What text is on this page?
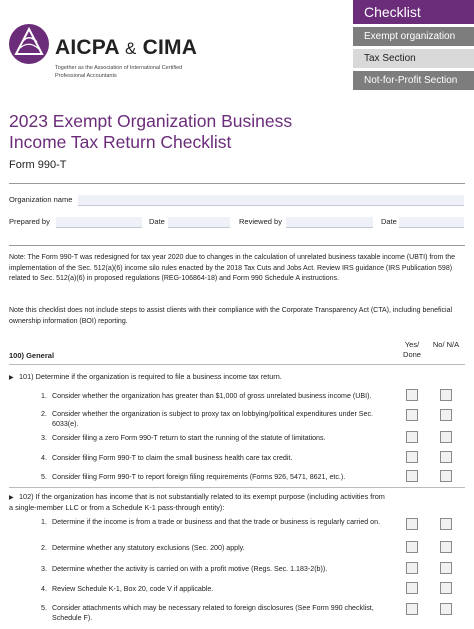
AICPA & CIMA
Together as the Association of International Certified Professional Accountants
Checklist
Exempt organization
Tax Section
Not-for-Profit Section
2023 Exempt Organization Business Income Tax Return Checklist
Form 990-T
Organization name
Prepared by	Date	Reviewed by	Date
Note: The Form 990-T was redesigned for tax year 2020 due to changes in the calculation of unrelated business taxable income (UBTI) from the implementation of the Sec. 512(a)(6) income silo rules enacted by the 2018 Tax Cuts and Jobs Act. Review IRS guidance (IRS Publication 598) related to Sec. 512(a)(6) in proposed regulations (REG-106864-18) and Form 990 Schedule A instructions.
Note this checklist does not include steps to assist clients with their compliance with the Corporate Transparency Act (CTA), including beneficial ownership information (BOI) reporting.
Yes/ Done
No/ N/A
100) General
▶ 101) Determine if the organization is required to file a business income tax return.
1. Consider whether the organization has greater than $1,000 of gross unrelated business income (UBI).
2. Consider whether the organization is subject to proxy tax on lobbying/political expenditures under Sec. 6033(e).
3. Consider filing a zero Form 990-T return to start the running of the statute of limitations.
4. Consider filing Form 990-T to claim the small business health care tax credit.
5. Consider filing Form 990-T to report foreign filing requirements (Forms 926, 5471, 8621, etc.).
▶ 102) If the organization has income that is not substantially related to its exempt purpose (including activities from a single-member LLC or from a Schedule K-1 pass-through entity):
1. Determine if the income is from a trade or business and that the trade or business is regularly carried on.
2. Determine whether any statutory exclusions (Sec. 200) apply.
3. Determine whether the activity is carried on with a profit motive (Regs. Sec. 1.183-2(b)).
4. Review Schedule K-1, Box 20, code V if applicable.
5. Consider attachments which may be necessary related to foreign disclosures (See Form 990 checklist, Schedule F).
